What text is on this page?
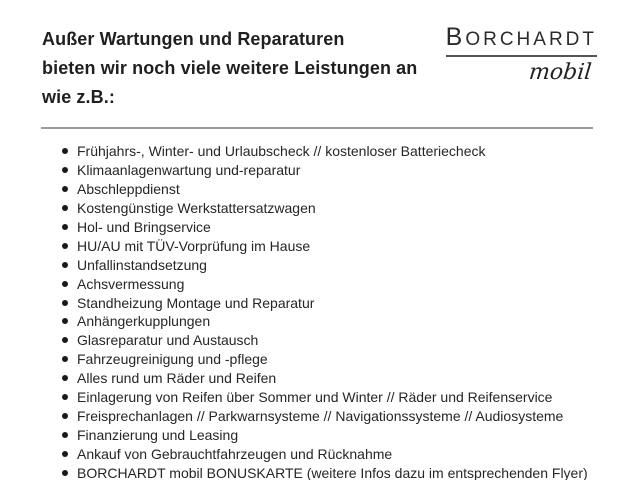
Außer Wartungen und Reparaturen
bieten wir noch viele weitere Leistungen an wie z.B.:
BORCHARDT
mobil
Frühjahrs-, Winter- und Urlaubscheck // kostenloser Batteriecheck
Klimaanlagenwartung und-reparatur
Abschleppdienst
Kostengünstige Werkstattersatzwagen
Hol- und Bringservice
HU/AU mit TÜV-Vorprüfung im Hause
Unfallinstandsetzung
Achsvermessung
Standheizung Montage und Reparatur
Anhängerkupplungen
Glasreparatur und Austausch
Fahrzeugreinigung und -pflege
Alles rund um Räder und Reifen
Einlagerung von Reifen über Sommer und Winter // Räder und Reifenservice
Freisprechanlagen // Parkwarnsysteme // Navigationssysteme // Audiosysteme
Finanzierung und Leasing
Ankauf von Gebrauchtfahrzeugen und Rücknahme
BORCHARDT mobil BONUSKARTE (weitere Infos dazu im entsprechenden Flyer)
